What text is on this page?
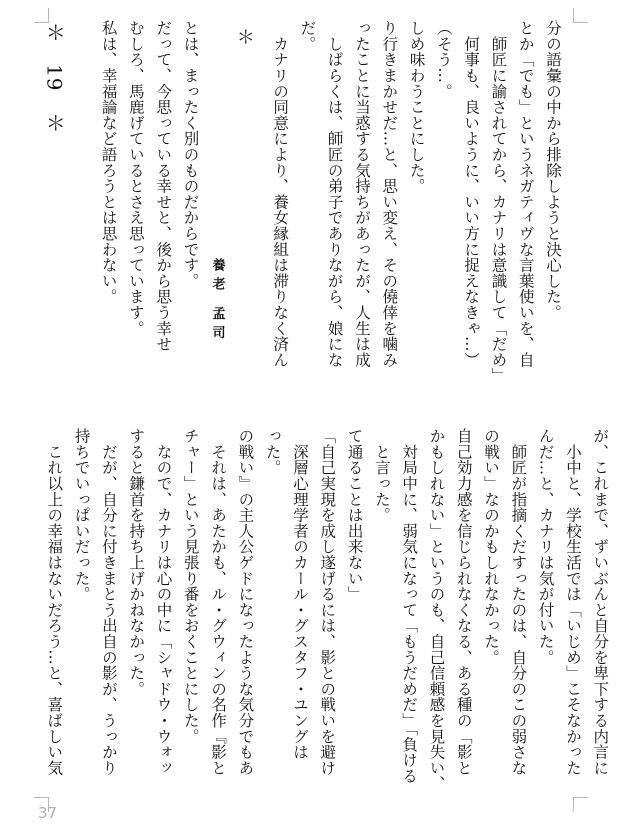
＊　19　＊	私は、幸福論など語ろうとは思わない。 むしろ、馬鹿げているとさえ思っています。 だって、今思っている幸せと、後から思う幸せ とは、まったく別のものだからです。
養老 孟司
＊	　カナリの同意により、養女縁組は滞りなく済ん だ。 　しばらくは、師匠の弟子でありながら、娘にな ったことに当惑する気持ちがあったが、人生は成 り行きまかせだ…と、思い変え、その僥倖を噛み しめ味わうことにした。 （そう…。 　何事も、良いように、いい方に捉えなきゃ…） 　師匠に諭されてから、カナリは意識して「だめ」 とか「でも」というネガティヴな言葉使いを、自 分の語彙の中から排除しようと決心した。
　これ以上の幸福はないだろう…と、喜ばしい気 持ちでいっぱいだった。 　だが、自分に付きまとう出自の影が、うっかり すると鎌首を持ち上げかねなかった。 　なので、カナリは心の中に「シャドウ・ウォッ チャー」という見張り番をおくことにした。 　それは、あたかも、ル・グウィンの名作『影と の戦い』の主人公ゲドになったような気分でもあ った。 　深層心理学者のカール・グスタフ・ユングは 「自己実現を成し遂げるには、影との戦いを避け て通ることは出来ない」 　と言った。 　対局中に、弱気になって「もうだめだ」「負ける かもしれない」というのも、自己信頼感を見失い、 自己効力感を信じられなくなる、ある種の「影と の戦い」なのかもしれなかった。 　師匠が指摘くだすったのは、自分のこの弱さな んだ…と、カナリは気が付いた。 　小中と、学校生活では「いじめ」こそなかった が、これまで、ずいぶんと自分を卑下する内言に
37
